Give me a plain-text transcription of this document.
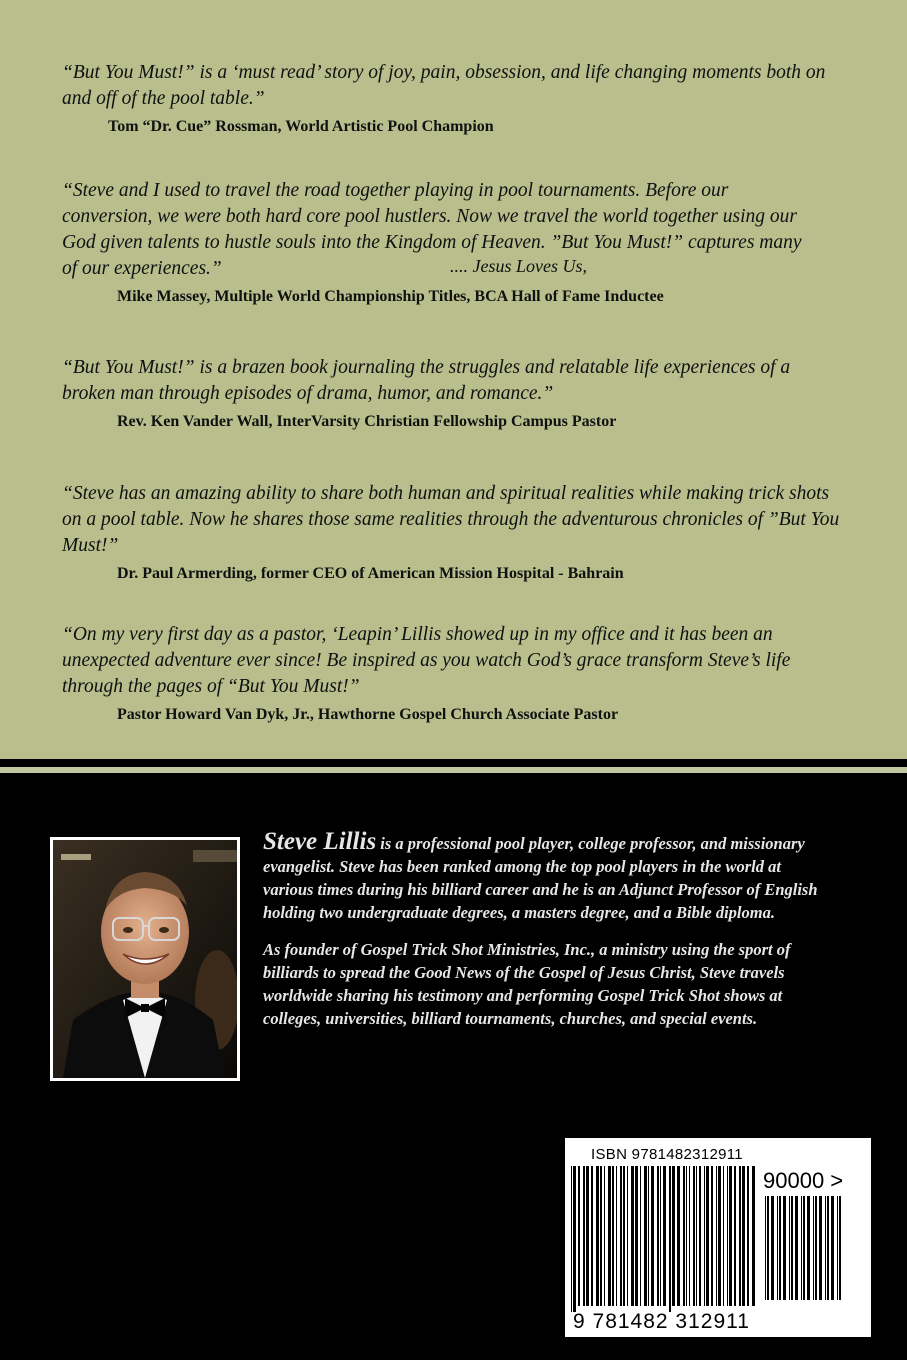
“But You Must!” is a ‘must read’ story of joy, pain, obsession, and life changing moments both on and off of the pool table.”

Tom “Dr. Cue” Rossman, World Artistic Pool Champion

“Steve and I used to travel the road together playing in pool tournaments. Before our conversion, we were both hard core pool hustlers. Now we travel the world together using our God given talents to hustle souls into the Kingdom of Heaven. ”But You Must!” captures many of our experiences.”	.... Jesus Loves Us,

Mike Massey, Multiple World Championship Titles, BCA Hall of Fame Inductee

“But You Must!” is a brazen book journaling the struggles and relatable life experiences of a broken man through episodes of drama, humor, and romance.”

Rev. Ken Vander Wall, InterVarsity Christian Fellowship Campus Pastor

“Steve has an amazing ability to share both human and spiritual realities while making trick shots on a pool table. Now he shares those same realities through the adventurous chronicles of ”But You Must!”

Dr. Paul Armerding, former CEO of American Mission Hospital - Bahrain

“On my very first day as a pastor, ‘Leapin’ Lillis showed up in my office and it has been an unexpected adventure ever since! Be inspired as you watch God’s grace transform Steve’s life through the pages of “But You Must!”

Pastor Howard Van Dyk, Jr., Hawthorne Gospel Church Associate Pastor

Steve Lillis is a professional pool player, college professor, and missionary evangelist. Steve has been ranked among the top pool players in the world at various times during his billiard career and he is an Adjunct Professor of English holding two undergraduate degrees, a masters degree, and a Bible diploma.

As founder of Gospel Trick Shot Ministries, Inc., a ministry using the sport of billiards to spread the Good News of the Gospel of Jesus Christ, Steve travels worldwide sharing his testimony and performing Gospel Trick Shot shows at colleges, universities, billiard tournaments, churches, and special events.

ISBN 9781482312911
90000 >
9 781482 312911
